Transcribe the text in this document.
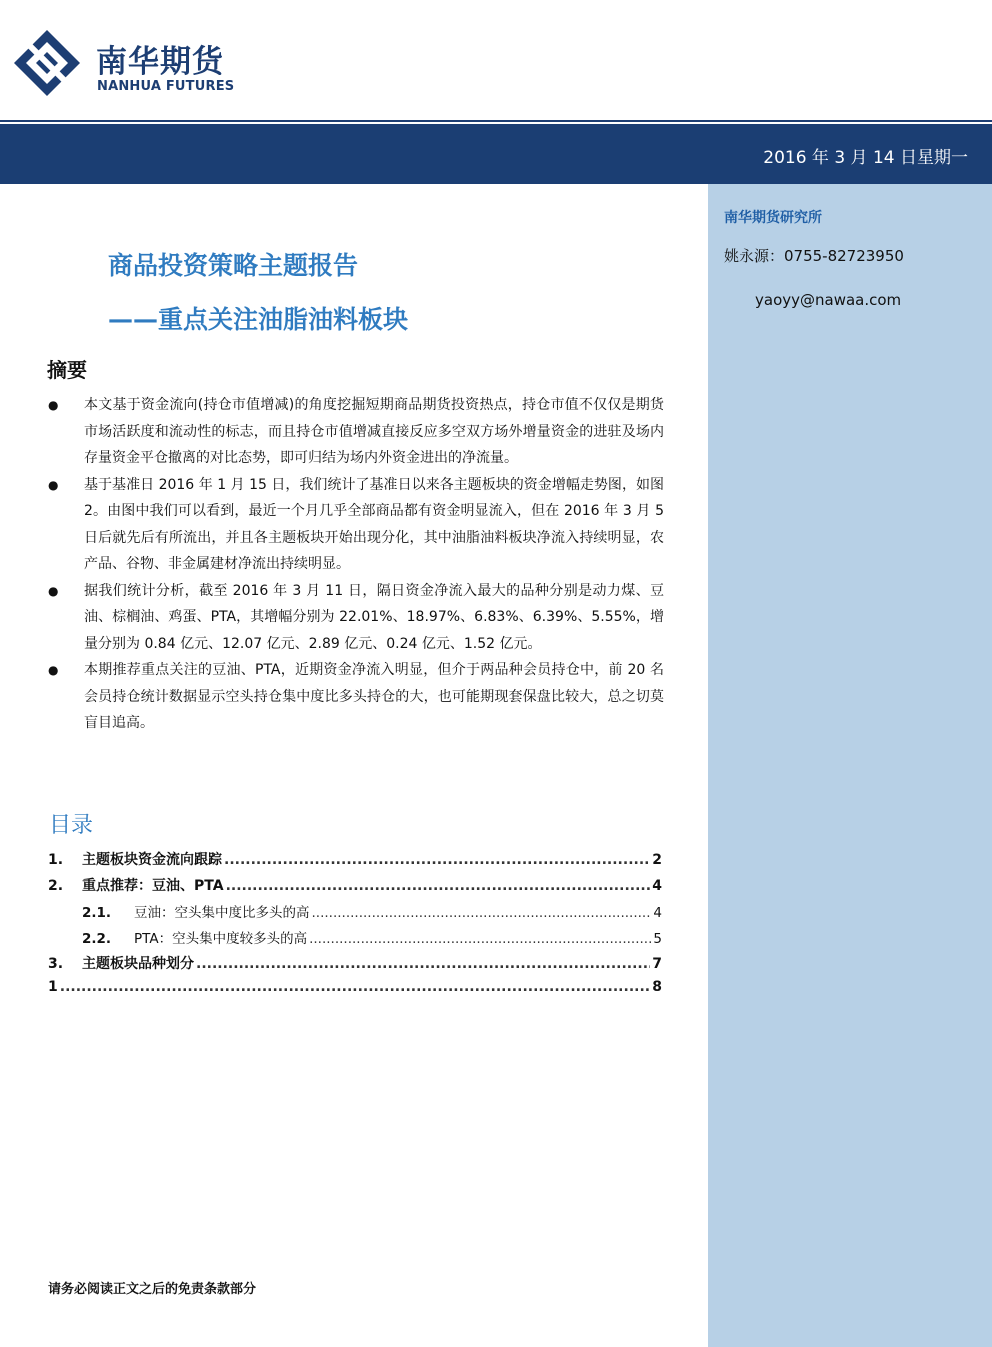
南华期货
NANHUA FUTURES
2016 年 3 月 14 日星期一
南华期货研究所
姚永源：0755-82723950
yaoyy@nawaa.com
商品投资策略主题报告
——重点关注油脂油料板块
摘要
● 本文基于资金流向(持仓市值增减)的角度挖掘短期商品期货投资热点，持仓市值不仅仅是期货市场活跃度和流动性的标志，而且持仓市值增减直接反应多空双方场外增量资金的进驻及场内存量资金平仓撤离的对比态势，即可归结为场内外资金进出的净流量。
● 基于基准日 2016 年 1 月 15 日，我们统计了基准日以来各主题板块的资金增幅走势图，如图 2。由图中我们可以看到，最近一个月几乎全部商品都有资金明显流入，但在 2016 年 3 月 5 日后就先后有所流出，并且各主题板块开始出现分化，其中油脂油料板块净流入持续明显，农产品、谷物、非金属建材净流出持续明显。
● 据我们统计分析，截至 2016 年 3 月 11 日，隔日资金净流入最大的品种分别是动力煤、豆油、棕榈油、鸡蛋、PTA，其增幅分别为 22.01%、18.97%、6.83%、6.39%、5.55%，增量分别为 0.84 亿元、12.07 亿元、2.89 亿元、0.24 亿元、1.52 亿元。
● 本期推荐重点关注的豆油、PTA，近期资金净流入明显，但介于两品种会员持仓中，前 20 名会员持仓统计数据显示空头持仓集中度比多头持仓的大，也可能期现套保盘比较大，总之切莫盲目追高。
目录
1.	主题板块资金流向跟踪 .....	2
2.	重点推荐：豆油、PTA .....	4
2.1.	豆油：空头集中度比多头的高 .....	4
2.2.	PTA：空头集中度较多头的高 .....	5
3.	主题板块品种划分 .....	7
1 .....	8
请务必阅读正文之后的免责条款部分
